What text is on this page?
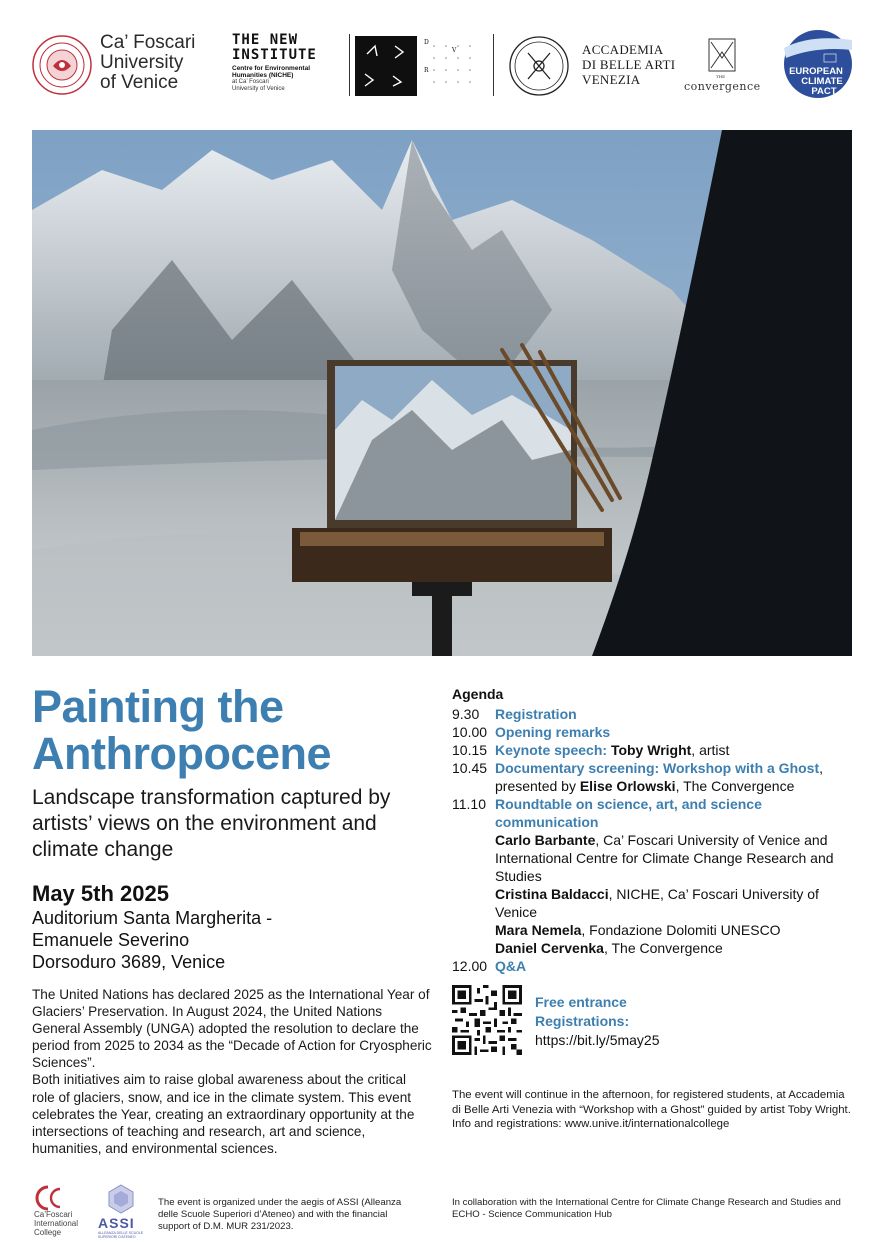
Ca’ Foscari
University
of Venice
THE NEW
INSTITUTE
Centre for Environmental
Humanities (NICHE)
at Ca’ Foscari
University of Venice
D
V
R
ACCADEMIA
DI BELLE ARTI
VENEZIA	THE
convergence
EUROPEAN
CLIMATE
PACT
Painting the
Anthropocene
Landscape transformation captured by artists’ views on the environment and climate change
May 5th 2025
Auditorium Santa Margherita -
Emanuele Severino
Dorsoduro 3689, Venice
The United Nations has declared 2025 as the International Year of Glaciers’ Preservation. In August 2024, the United Nations General Assembly (UNGA) adopted the resolution to declare the period from 2025 to 2034 as the “Decade of Action for Cryospheric Sciences”.
Both initiatives aim to raise global awareness about the critical role of glaciers, snow, and ice in the climate system. This event celebrates the Year, creating an extraordinary opportunity at the intersections of teaching and research, art and science, humanities, and environmental sciences.
Agenda
9.30	Registration
10.00 Opening remarks
10.15 Keynote speech: Toby Wright, artist
10.45 Documentary screening: Workshop with a Ghost,
presented by Elise Orlowski, The Convergence
11.10 Roundtable on science, art, and science communication
Carlo Barbante, Ca’ Foscari University of Venice and International Centre for Climate Change Research and Studies
Cristina Baldacci, NICHE, Ca’ Foscari University of Venice
Mara Nemela, Fondazione Dolomiti UNESCO
Daniel Cervenka, The Convergence
12.00 Q&A
Free entrance
Registrations:
https://bit.ly/5may25
The event will continue in the afternoon, for registered students, at Accademia di Belle Arti Venezia with “Workshop with a Ghost” guided by artist Toby Wright. Info and registrations: www.unive.it/internationalcollege
Ca’Foscari
International
College
ASSI
ALLEANZA DELLE SCUOLE SUPERIORI D'ATENEO
The event is organized under the aegis of ASSI (Alleanza delle Scuole Superiori d’Ateneo) and with the financial support of D.M. MUR 231/2023.
In collaboration with the International Centre for Climate Change Research and Studies and ECHO - Science Communication Hub
